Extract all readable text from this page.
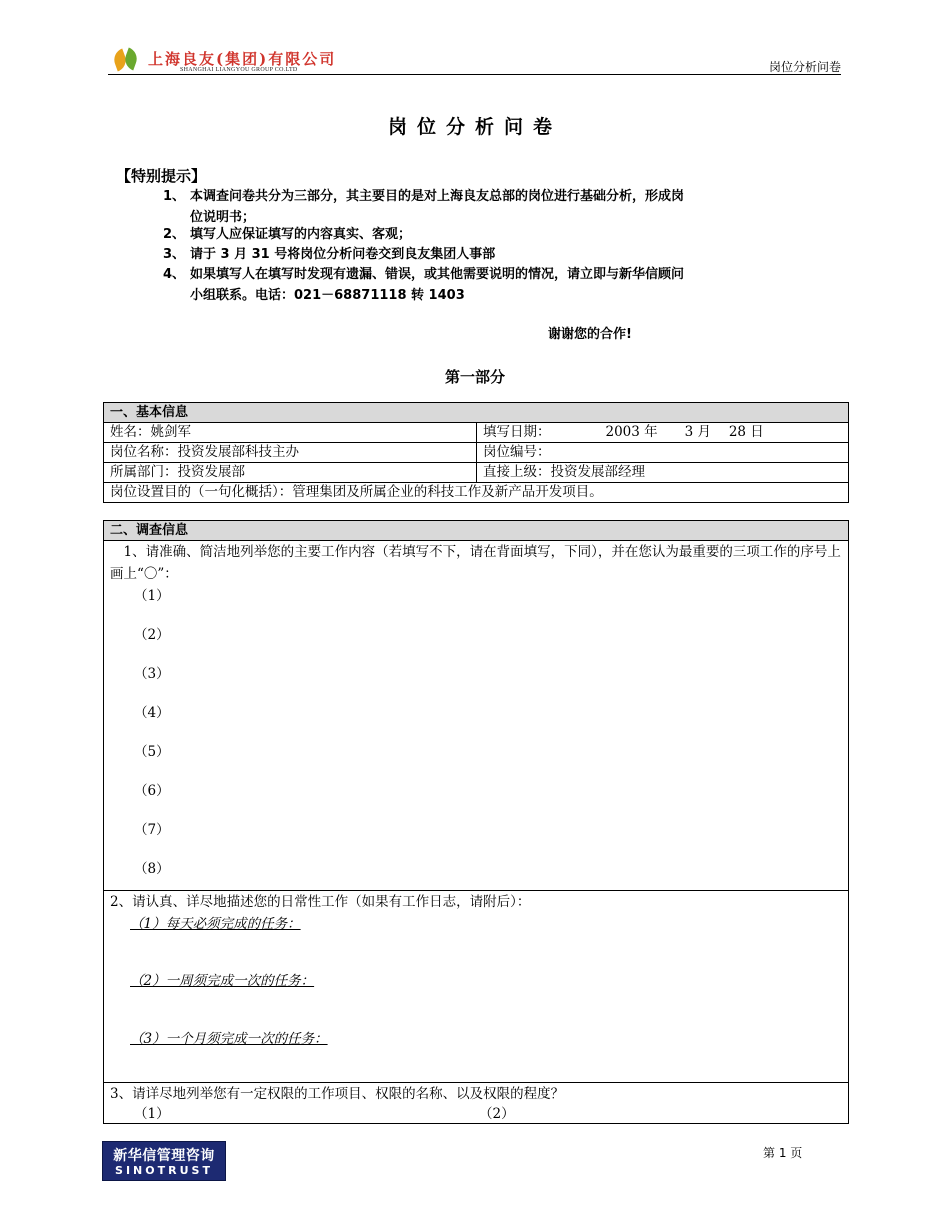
上海良友(集团)有限公司
SHANGHAI LIANGYOU GROUP CO.LTD	岗位分析问卷
岗位分析问卷
【特别提示】
1、 本调查问卷共分为三部分，其主要目的是对上海良友总部的岗位进行基础分析，形成岗
位说明书；
2、 填写人应保证填写的内容真实、客观；
3、 请于 3 月 31 号将岗位分析问卷交到良友集团人事部
4、 如果填写人在填写时发现有遗漏、错误，或其他需要说明的情况，请立即与新华信顾问
小组联系。电话：021－68871118 转 1403
谢谢您的合作!
第一部分
一、基本信息	
姓名：姚剑军	填写日期： 2003 年　　3 月　 28 日
岗位名称：投资发展部科技主办	岗位编号：
所属部门：投资发展部	直接上级：投资发展部经理
岗位设置目的（一句化概括）：管理集团及所属企业的科技工作及新产品开发项目。	
二、调查信息

　1、请准确、简洁地列举您的主要工作内容（若填写不下，请在背面填写，下同），并在您认为最重要的三项工作的序号上画上“〇”：
（1）
（2）
（3）
（4）
（5）
（6）
（7）
（8）

2、请认真、详尽地描述您的日常性工作（如果有工作日志，请附后）：
（1）每天必须完成的任务：
（2）一周须完成一次的任务：
（3）一个月须完成一次的任务：

3、请详尽地列举您有一定权限的工作项目、权限的名称、以及权限的程度？
（1）	（2）
新华信管理咨询
SINOTRUST
第 1 页
